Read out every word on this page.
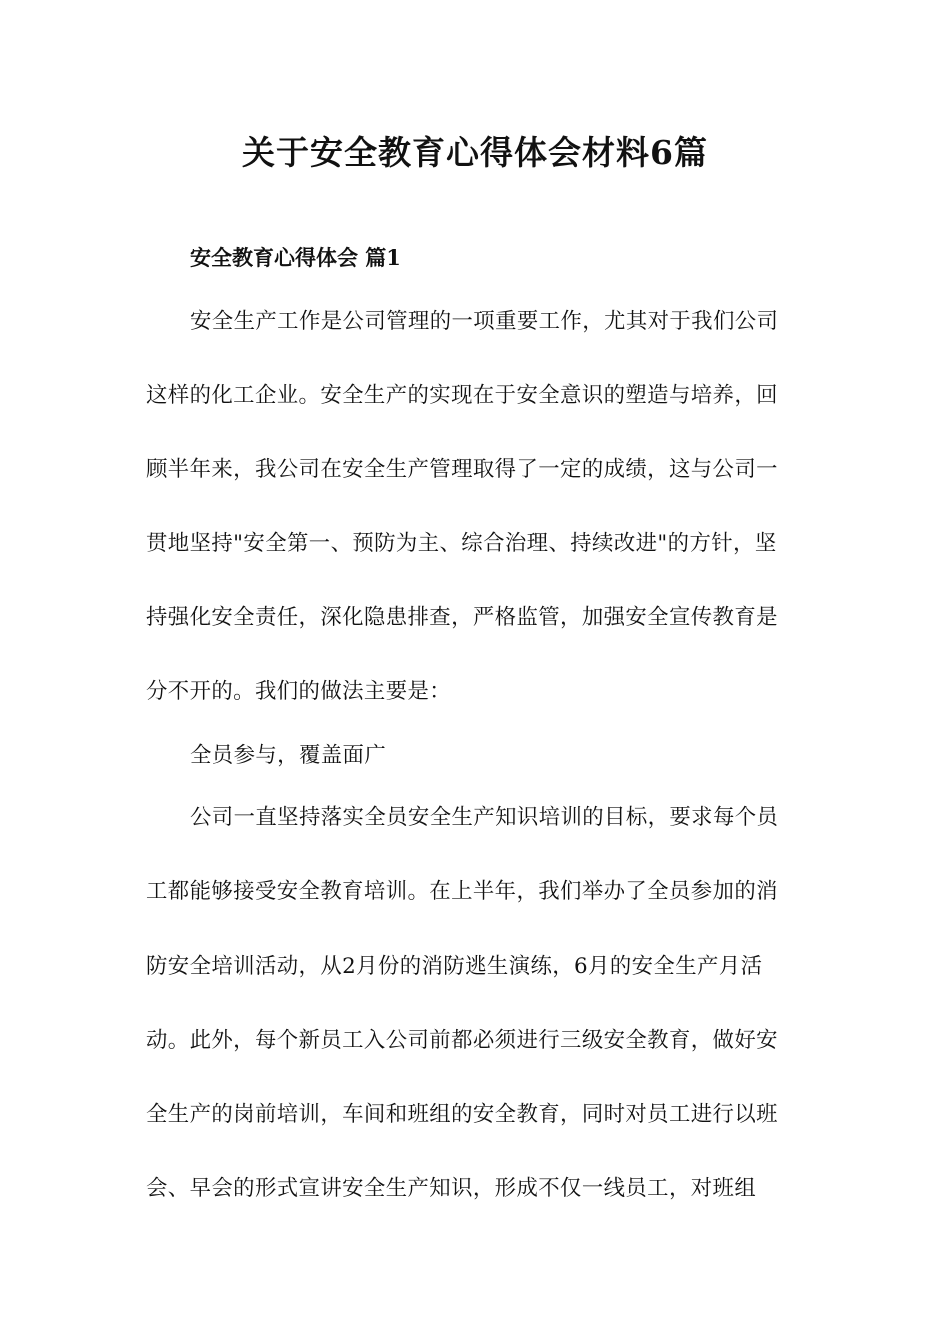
关于安全教育心得体会材料6篇
安全教育心得体会 篇1
安全生产工作是公司管理的一项重要工作，尤其对于我们公司
这样的化工企业。安全生产的实现在于安全意识的塑造与培养，回
顾半年来，我公司在安全生产管理取得了一定的成绩，这与公司一
贯地坚持"安全第一、预防为主、综合治理、持续改进"的方针，坚
持强化安全责任，深化隐患排查，严格监管，加强安全宣传教育是
分不开的。我们的做法主要是：
全员参与，覆盖面广
公司一直坚持落实全员安全生产知识培训的目标，要求每个员
工都能够接受安全教育培训。在上半年，我们举办了全员参加的消
防安全培训活动，从2月份的消防逃生演练，6月的安全生产月活
动。此外，每个新员工入公司前都必须进行三级安全教育，做好安
全生产的岗前培训，车间和班组的安全教育，同时对员工进行以班
会、早会的形式宣讲安全生产知识，形成不仅一线员工，对班组
